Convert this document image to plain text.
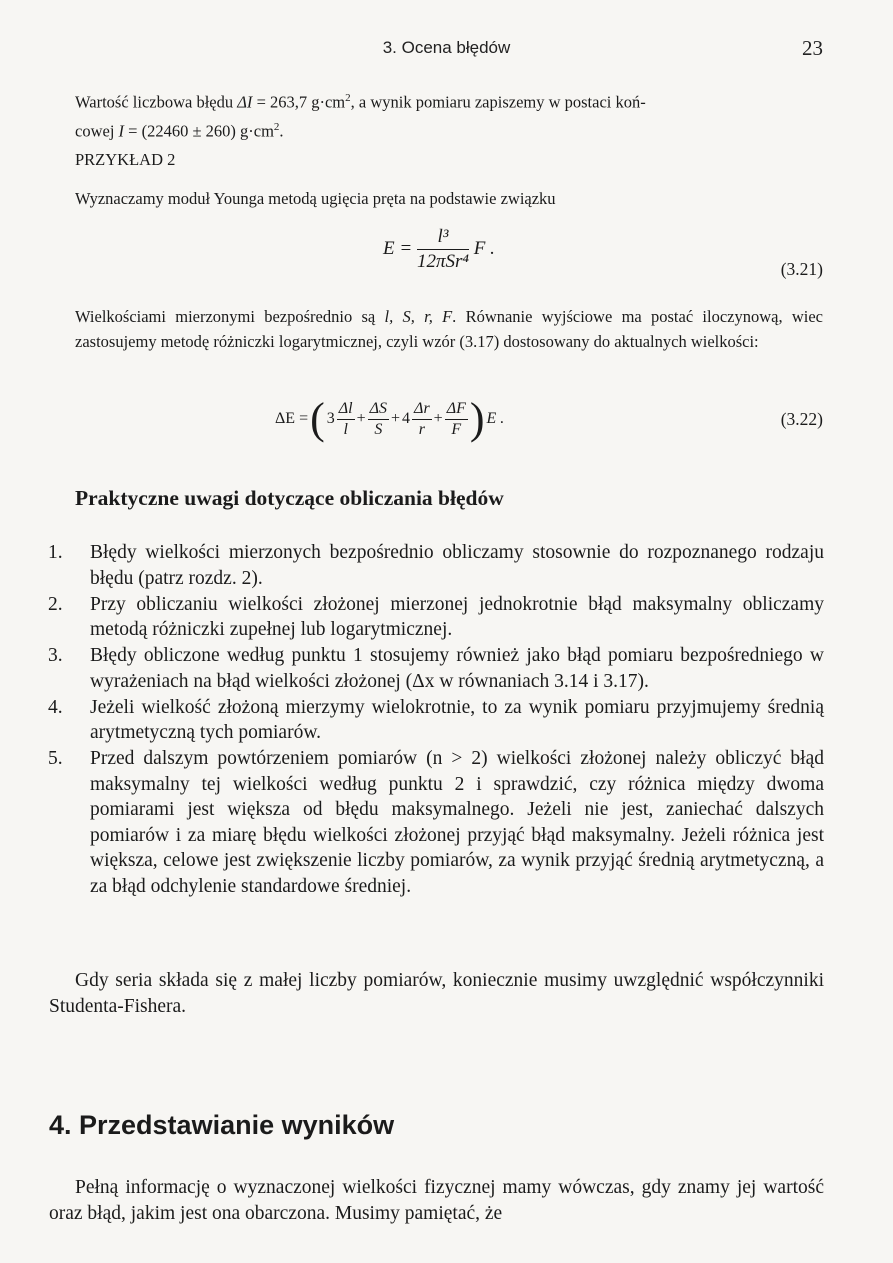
3. Ocena błędów	23

Wartość liczbowa błędu ΔI = 263,7 $g\cdot cm^2$, a wynik pomiaru zapiszemy w postaci koń-
cowej I = (22460 ± 260) $g\cdot cm^2$.

PRZYKŁAD 2

Wyznaczamy moduł Younga metodą ugięcia pręta na podstawie związku

$E = \frac{\text{l³}}{\text{12πSr⁴}}$ F .
(3.21)

Wielkościami mierzonymi bezpośrednio są l, S, r, F. Równanie wyjściowe ma postać iloczynową, wiec zastosujemy metodę różniczki logarytmicznej, czyli wzór (3.17) dostosowany do aktualnych wielkości:

ΔE = ( $3 \frac{\Delta l}{l} + \frac{\Delta S}{S} + 4 \frac{\Delta r}{r} + \frac{\Delta F}{F}$ ) E .	(3.22)
Praktyczne uwagi dotyczące obliczania błędów
1.	Błędy wielkości mierzonych bezpośrednio obliczamy stosownie do rozpoznanego rodzaju błędu (patrz rozdz. 2).
2.	Przy obliczaniu wielkości złożonej mierzonej jednokrotnie błąd maksymalny obliczamy metodą różniczki zupełnej lub logarytmicznej.
3.	Błędy obliczone według punktu 1 stosujemy również jako błąd pomiaru bezpośredniego w wyrażeniach na błąd wielkości złożonej (Δx w równaniach 3.14 i 3.17).
4.	Jeżeli wielkość złożoną mierzymy wielokrotnie, to za wynik pomiaru przyjmujemy średnią arytmetyczną tych pomiarów.
5.	Przed dalszym powtórzeniem pomiarów (n > 2) wielkości złożonej należy obliczyć błąd maksymalny tej wielkości według punktu 2 i sprawdzić, czy różnica między dwoma pomiarami jest większa od błędu maksymalnego. Jeżeli nie jest, zaniechać dalszych pomiarów i za miarę błędu wielkości złożonej przyjąć błąd maksymalny. Jeżeli różnica jest większa, celowe jest zwiększenie liczby pomiarów, za wynik przyjąć średnią arytmetyczną, a za błąd odchylenie standardowe średniej.

Gdy seria składa się z małej liczby pomiarów, koniecznie musimy uwzględnić współczynniki Studenta-Fishera.

4. Przedstawianie wyników

Pełną informację o wyznaczonej wielkości fizycznej mamy wówczas, gdy znamy jej wartość oraz błąd, jakim jest ona obarczona. Musimy pamiętać, że
